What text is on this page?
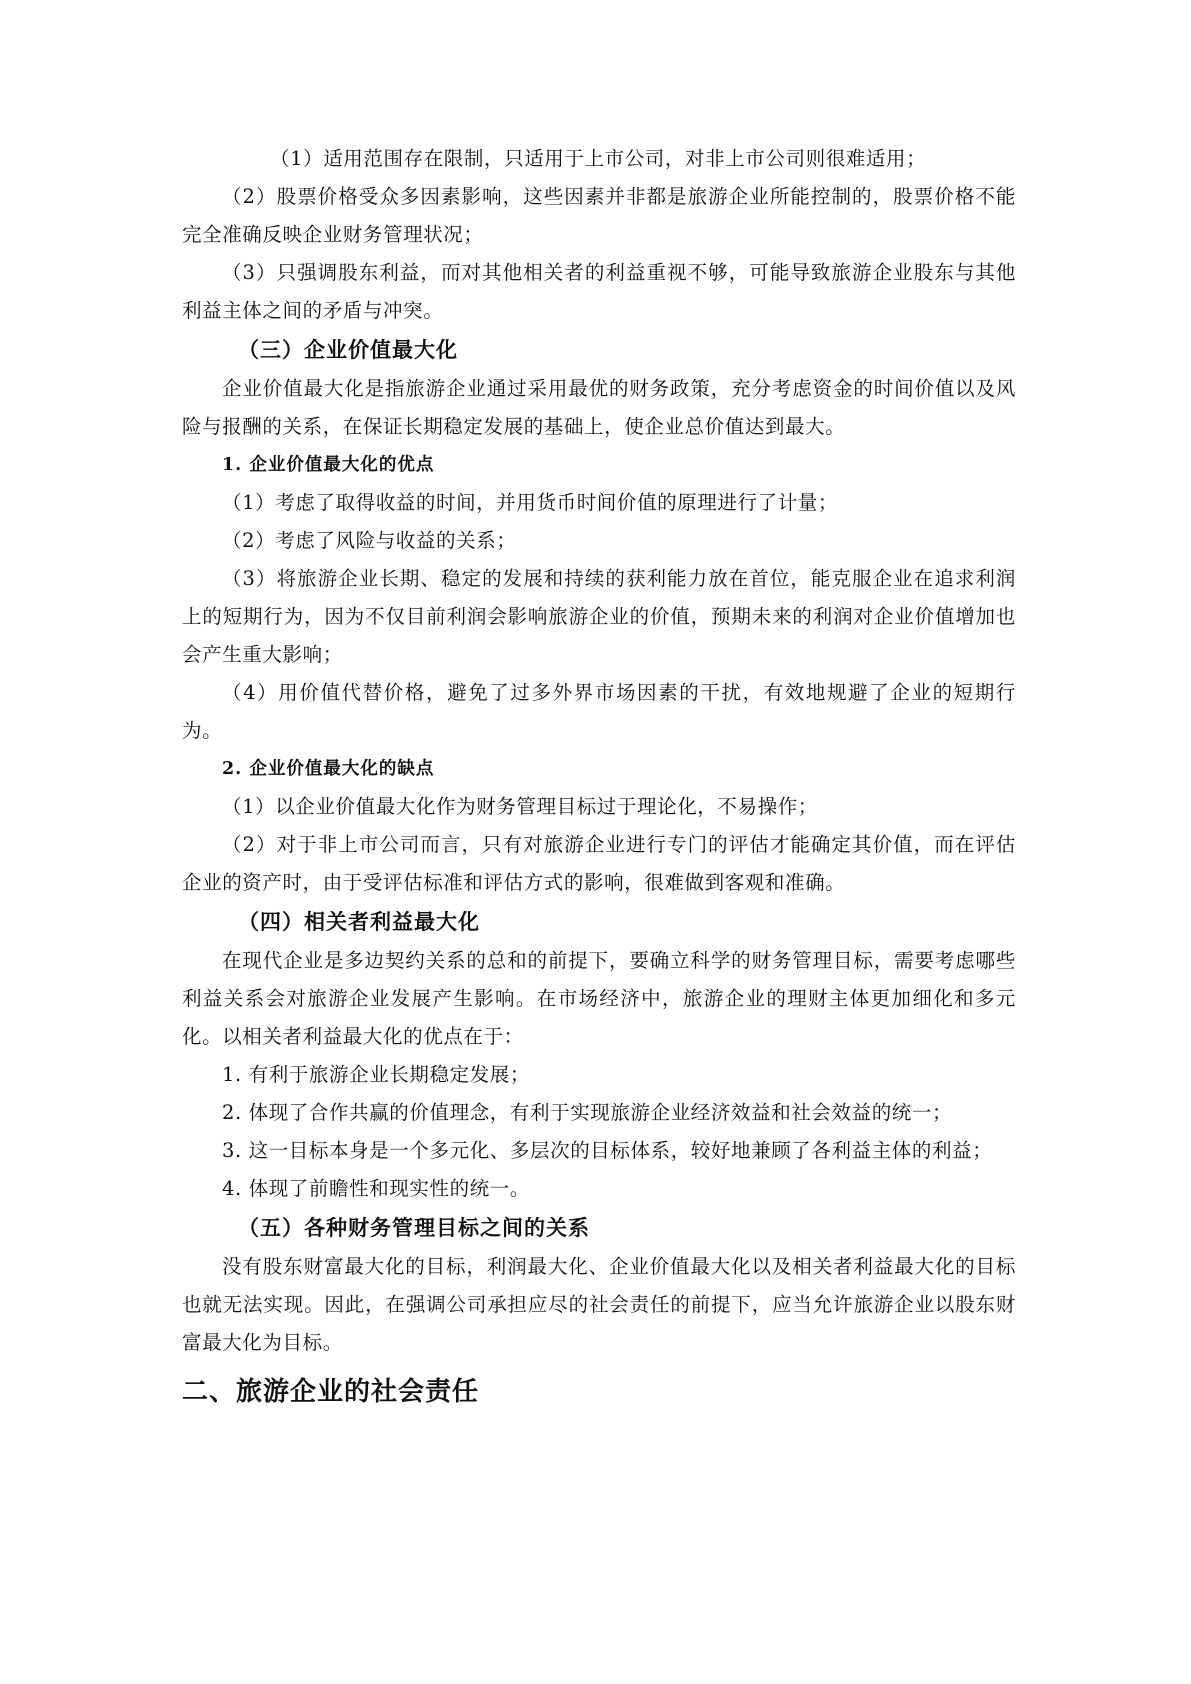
（1）适用范围存在限制，只适用于上市公司，对非上市公司则很难适用；

（2）股票价格受众多因素影响，这些因素并非都是旅游企业所能控制的，股票价格不能完全准确反映企业财务管理状况；

（3）只强调股东利益，而对其他相关者的利益重视不够，可能导致旅游企业股东与其他利益主体之间的矛盾与冲突。

（三）企业价值最大化

企业价值最大化是指旅游企业通过采用最优的财务政策，充分考虑资金的时间价值以及风险与报酬的关系，在保证长期稳定发展的基础上，使企业总价值达到最大。

1. 企业价值最大化的优点

（1）考虑了取得收益的时间，并用货币时间价值的原理进行了计量；

（2）考虑了风险与收益的关系；

（3）将旅游企业长期、稳定的发展和持续的获利能力放在首位，能克服企业在追求利润上的短期行为，因为不仅目前利润会影响旅游企业的价值，预期未来的利润对企业价值增加也会产生重大影响；

（4）用价值代替价格，避免了过多外界市场因素的干扰，有效地规避了企业的短期行为。

2. 企业价值最大化的缺点

（1）以企业价值最大化作为财务管理目标过于理论化，不易操作；

（2）对于非上市公司而言，只有对旅游企业进行专门的评估才能确定其价值，而在评估企业的资产时，由于受评估标准和评估方式的影响，很难做到客观和准确。

（四）相关者利益最大化

在现代企业是多边契约关系的总和的前提下，要确立科学的财务管理目标，需要考虑哪些利益关系会对旅游企业发展产生影响。在市场经济中，旅游企业的理财主体更加细化和多元化。以相关者利益最大化的优点在于：

1. 有利于旅游企业长期稳定发展；

2. 体现了合作共赢的价值理念，有利于实现旅游企业经济效益和社会效益的统一；

3. 这一目标本身是一个多元化、多层次的目标体系，较好地兼顾了各利益主体的利益；

4. 体现了前瞻性和现实性的统一。

（五）各种财务管理目标之间的关系

没有股东财富最大化的目标，利润最大化、企业价值最大化以及相关者利益最大化的目标也就无法实现。因此，在强调公司承担应尽的社会责任的前提下，应当允许旅游企业以股东财富最大化为目标。

二、旅游企业的社会责任
